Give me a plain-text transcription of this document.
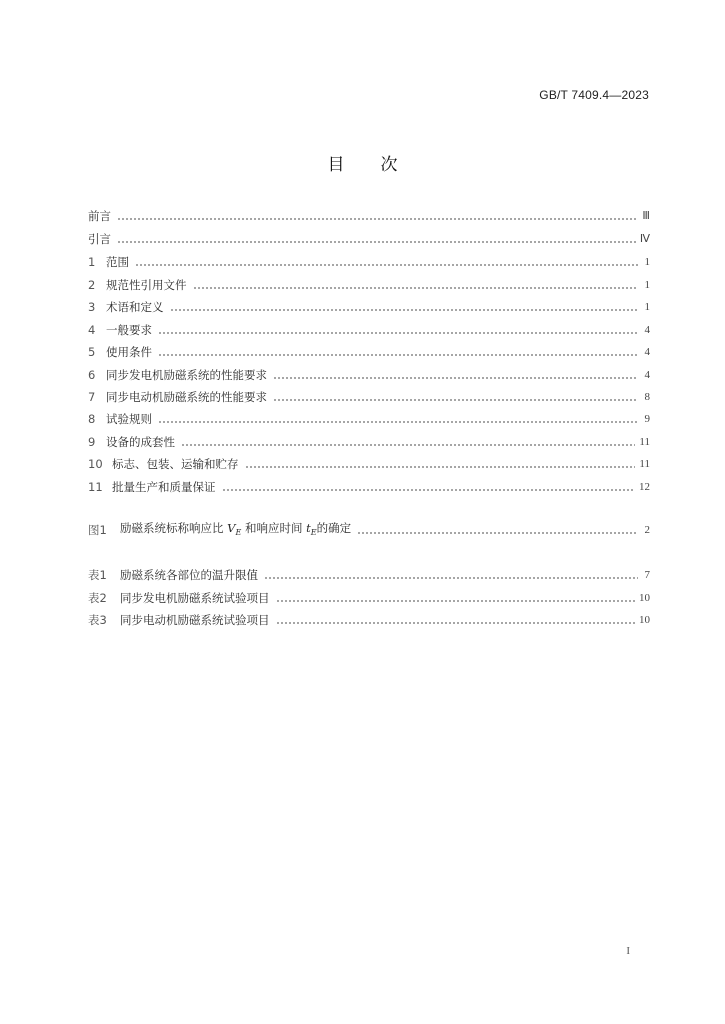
GB/T 7409.4—2023
目 次
前言	Ⅲ
引言	Ⅳ
1 范围	1
2 规范性引用文件	1
3 术语和定义	1
4 一般要求	4
5 使用条件	4
6 同步发电机励磁系统的性能要求	4
7 同步电动机励磁系统的性能要求	8
8 试验规则	9
9 设备的成套性	11
10 标志、包装、运输和贮存	11
11 批量生产和质量保证	12
图1	励磁系统标称响应比 $V_E$ 和响应时间 $t_E$的确定	2
表1	励磁系统各部位的温升限值	7
表2	同步发电机励磁系统试验项目	10
表3	同步电动机励磁系统试验项目	10
I
